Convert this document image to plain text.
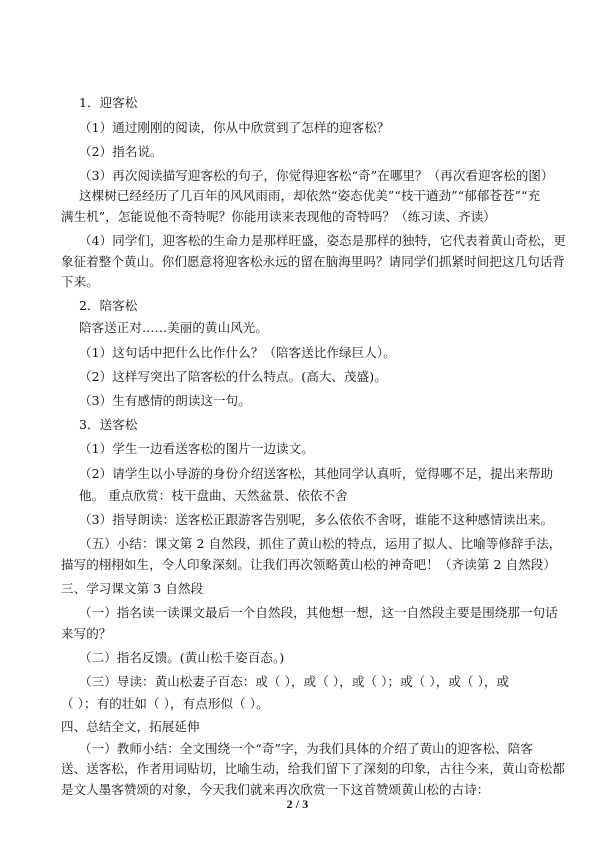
1．迎客松
（1）通过刚刚的阅读，你从中欣赏到了怎样的迎客松？
（2）指名说。
（3）再次阅读描写迎客松的句子，你觉得迎客松“奇”在哪里？（再次看迎客松的图）
这棵树已经经历了几百年的风风雨雨，却依然“姿态优美”“枝干遒劲”“郁郁苍苍”“充
满生机”，怎能说他不奇特呢？你能用读来表现他的奇特吗？（练习读、齐读）
（4）同学们，迎客松的生命力是那样旺盛，姿态是那样的独特，它代表着黄山奇松，更
象征着整个黄山。你们愿意将迎客松永远的留在脑海里吗？请同学们抓紧时间把这几句话背
下来。
2．陪客松
陪客送正对……美丽的黄山风光。
（1）这句话中把什么比作什么？（陪客送比作绿巨人）。
（2）这样写突出了陪客松的什么特点。(高大、茂盛)。
（3）生有感情的朗读这一句。
3．送客松
（1）学生一边看送客松的图片一边读文。
（2）请学生以小导游的身份介绍送客松，其他同学认真听，觉得哪不足，提出来帮助
他。 重点欣赏：枝干盘曲、天然盆景、依依不舍
（3）指导朗读：送客松正跟游客告别呢，多么依依不舍呀，谁能不这种感情读出来。
（五）小结：课文第 2 自然段，抓住了黄山松的特点，运用了拟人、比喻等修辞手法，
描写的栩栩如生，令人印象深刻。让我们再次领略黄山松的神奇吧！（齐读第 2 自然段）
三、学习课文第 3 自然段
（一）指名读一读课文最后一个自然段，其他想一想，这一自然段主要是围绕那一句话
来写的？
（二）指名反馈。(黄山松千姿百态。)
（三）导读：黄山松妻子百态：或（ ），或（ ），或（ ）；或（ ），或（ ），或
（ ）；有的壮如（ ），有点形似（ ）。
四、总结全文，拓展延伸
（一）教师小结：全文围绕一个“奇”字，为我们具体的介绍了黄山的迎客松、陪客
送、送客松，作者用词贴切，比喻生动，给我们留下了深刻的印象，古往今来，黄山奇松都
是文人墨客赞颂的对象，今天我们就来再次欣赏一下这首赞颂黄山松的古诗：
2 / 3
